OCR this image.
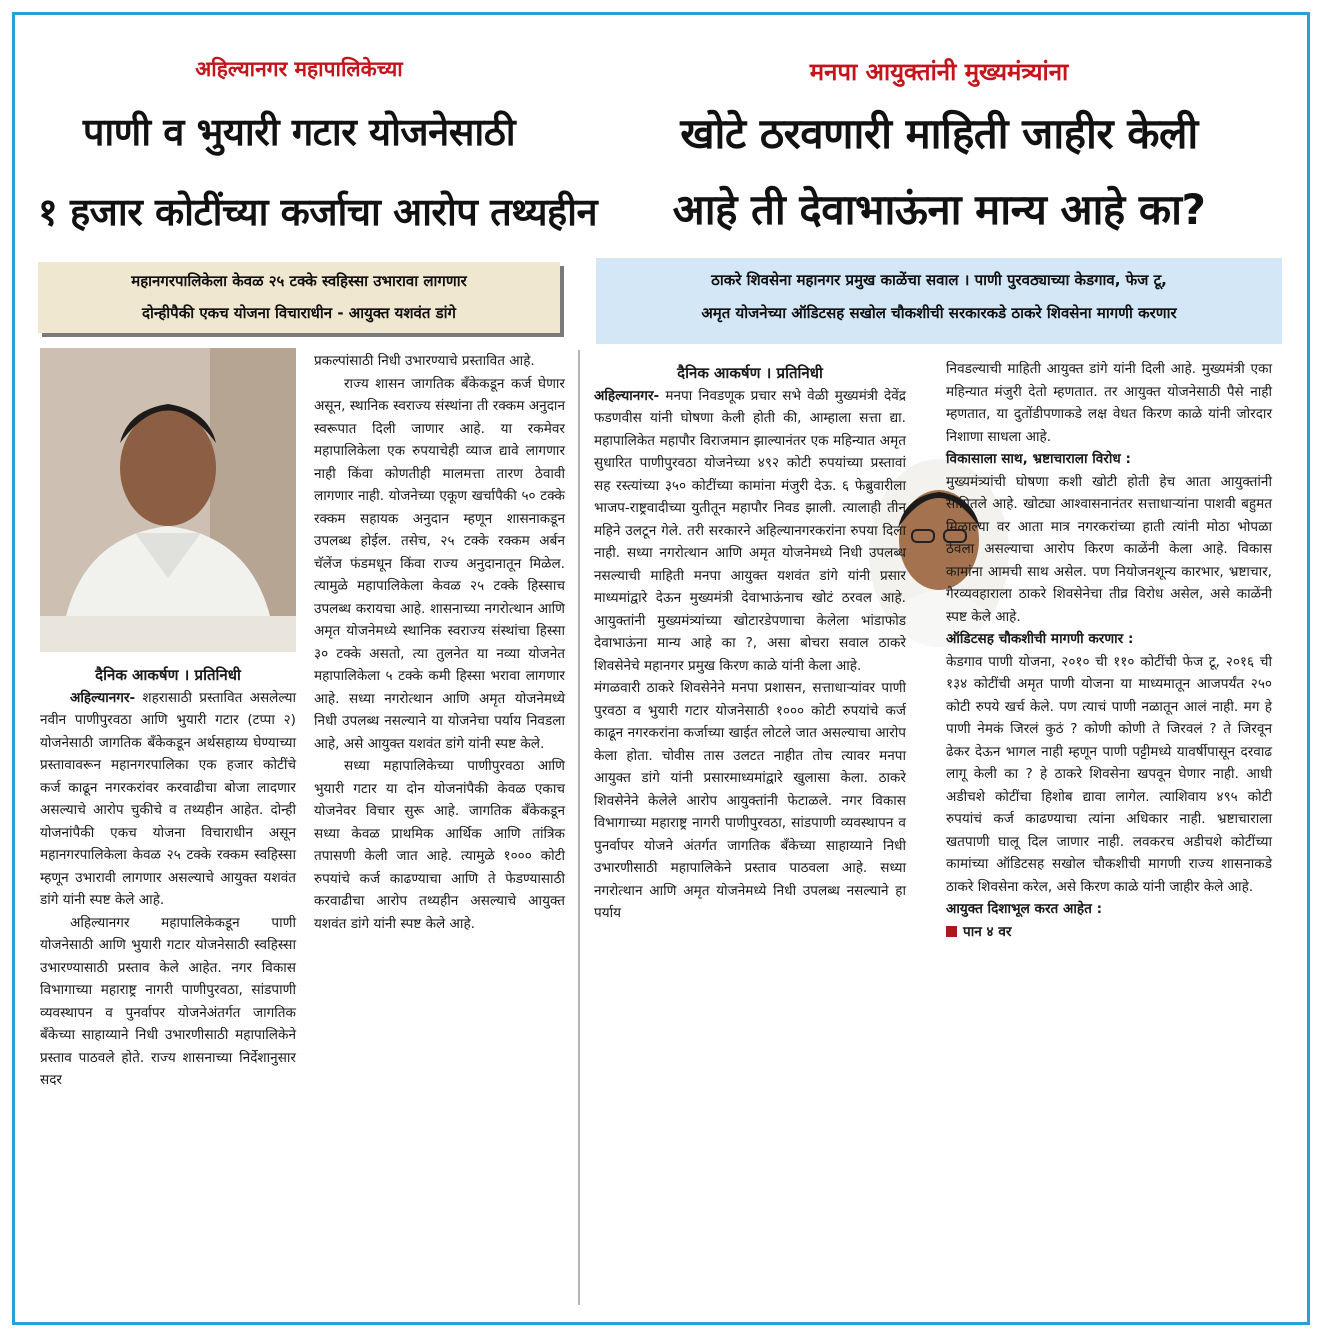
अहिल्यानगर महापालिकेच्या
पाणी व भुयारी गटार योजनेसाठी
१ हजार कोटींच्या कर्जाचा आरोप तथ्यहीन
महानगरपालिकेला केवळ २५ टक्के स्वहिस्सा उभारावा लागणार
दोन्हीपैकी एकच योजना विचाराधीन - आयुक्त यशवंत डांगे

दैनिक आकर्षण । प्रतिनिधी

अहिल्यानगर- शहरासाठी प्रस्तावित असलेल्या नवीन पाणीपुरवठा आणि भुयारी गटार (टप्पा २) योजनेसाठी जागतिक बँकेकडून अर्थसहाय्य घेण्याच्या प्रस्तावावरून महानगरपालिका एक हजार कोटींचे कर्ज काढून नगरकरांवर करवाढीचा बोजा लादणार असल्याचे आरोप चुकीचे व तथ्यहीन आहेत. दोन्ही योजनांपैकी एकच योजना विचाराधीन असून महानगरपालिकेला केवळ २५ टक्के रक्कम स्वहिस्सा म्हणून उभारावी लागणार असल्याचे आयुक्त यशवंत डांगे यांनी स्पष्ट केले आहे.

अहिल्यानगर महापालिकेकडून पाणी योजनेसाठी आणि भुयारी गटार योजनेसाठी स्वहिस्सा उभारण्यासाठी प्रस्ताव केले आहेत. नगर विकास विभागाच्या महाराष्ट्र नागरी पाणीपुरवठा, सांडपाणी व्यवस्थापन व पुनर्वापर योजनेअंतर्गत जागतिक बँकेच्या साहाय्याने निधी उभारणीसाठी महापालिकेने प्रस्ताव पाठवले होते. राज्य शासनाच्या निर्देशानुसार सदर

प्रकल्पांसाठी निधी उभारण्याचे प्रस्तावित आहे.

राज्य शासन जागतिक बँकेकडून कर्ज घेणार असून, स्थानिक स्वराज्य संस्थांना ती रक्कम अनुदान स्वरूपात दिली जाणार आहे. या रकमेवर महापालिकेला एक रुपयाचेही व्याज द्यावे लागणार नाही किंवा कोणतीही मालमत्ता तारण ठेवावी लागणार नाही. योजनेच्या एकूण खर्चापैकी ५० टक्के रक्कम सहायक अनुदान म्हणून शासनाकडून उपलब्ध होईल. तसेच, २५ टक्के रक्कम अर्बन चॅलेंज फंडमधून किंवा राज्य अनुदानातून मिळेल. त्यामुळे महापालिकेला केवळ २५ टक्के हिस्साच उपलब्ध करायचा आहे. शासनाच्या नगरोत्थान आणि अमृत योजनेमध्ये स्थानिक स्वराज्य संस्थांचा हिस्सा ३० टक्के असतो, त्या तुलनेत या नव्या योजनेत महापालिकेला ५ टक्के कमी हिस्सा भरावा लागणार आहे. सध्या नगरोत्थान आणि अमृत योजनेमध्ये निधी उपलब्ध नसल्याने या योजनेचा पर्याय निवडला आहे, असे आयुक्त यशवंत डांगे यांनी स्पष्ट केले.

सध्या महापालिकेच्या पाणीपुरवठा आणि भुयारी गटार या दोन योजनांपैकी केवळ एकाच योजनेवर विचार सुरू आहे. जागतिक बँकेकडून सध्या केवळ प्राथमिक आर्थिक आणि तांत्रिक तपासणी केली जात आहे. त्यामुळे १००० कोटी रुपयांचे कर्ज काढण्याचा आणि ते फेडण्यासाठी करवाढीचा आरोप तथ्यहीन असल्याचे आयुक्त यशवंत डांगे यांनी स्पष्ट केले आहे.

मनपा आयुक्तांनी मुख्यमंत्र्यांना
खोटे ठरवणारी माहिती जाहीर केली
आहे ती देवाभाऊंना मान्य आहे का?
ठाकरे शिवसेना महानगर प्रमुख काळेंचा सवाल । पाणी पुरवठ्याच्या केडगाव, फेज टू,
अमृत योजनेच्या ऑडिटसह सखोल चौकशीची सरकारकडे ठाकरे शिवसेना मागणी करणार

दैनिक आकर्षण । प्रतिनिधी

अहिल्यानगर- मनपा निवडणूक प्रचार सभे वेळी मुख्यमंत्री देवेंद्र फडणवीस यांनी घोषणा केली होती की, आम्हाला सत्ता द्या. महापालिकेत महापौर विराजमान झाल्यानंतर एक महिन्यात अमृत सुधारित पाणीपुरवठा योजनेच्या ४९२ कोटी रुपयांच्या प्रस्तावां सह रस्त्यांच्या ३५० कोटींच्या कामांना मंजुरी देऊ. ६ फेब्रुवारीला भाजप-राष्ट्रवादीच्या युतीतून महापौर निवड झाली. त्यालाही तीन महिने उलटून गेले. तरी सरकारने अहिल्यानगरकरांना रुपया दिला नाही. सध्या नगरोत्थान आणि अमृत योजनेमध्ये निधी उपलब्ध नसल्याची माहिती मनपा आयुक्त यशवंत डांगे यांनी प्रसार माध्यमांद्वारे देऊन मुख्यमंत्री देवाभाऊंनाच खोटं ठरवल आहे. आयुक्तांनी मुख्यमंत्र्यांच्या खोटारडेपणाचा केलेला भांडाफोड देवाभाऊंना मान्य आहे का ?, असा बोचरा सवाल ठाकरे शिवसेनेचे महानगर प्रमुख किरण काळे यांनी केला आहे.

मंगळवारी ठाकरे शिवसेनेने मनपा प्रशासन, सत्ताधाऱ्यांवर पाणी पुरवठा व भुयारी गटार योजनेसाठी १००० कोटी रुपयांचे कर्ज काढून नगरकरांना कर्जाच्या खाईत लोटले जात असल्याचा आरोप केला होता. चोवीस तास उलटत नाहीत तोच त्यावर मनपा आयुक्त डांगे यांनी प्रसारमाध्यमांद्वारे खुलासा केला. ठाकरे शिवसेनेने केलेले आरोप आयुक्तांनी फेटाळले. नगर विकास विभागाच्या महाराष्ट्र नागरी पाणीपुरवठा, सांडपाणी व्यवस्थापन व पुनर्वापर योजने अंतर्गत जागतिक बँकेच्या साहाय्याने निधी उभारणीसाठी महापालिकेने प्रस्ताव पाठवला आहे. सध्या नगरोत्थान आणि अमृत योजनेमध्ये निधी उपलब्ध नसल्याने हा पर्याय

निवडल्याची माहिती आयुक्त डांगे यांनी दिली आहे. मुख्यमंत्री एका महिन्यात मंजुरी देतो म्हणतात. तर आयुक्त योजनेसाठी पैसे नाही म्हणतात, या दुतोंडीपणाकडे लक्ष वेधत किरण काळे यांनी जोरदार निशाणा साधला आहे.

विकासाला साथ, भ्रष्टाचाराला विरोध :

मुख्यमंत्र्यांची घोषणा कशी खोटी होती हेच आता आयुक्तांनी सांगितले आहे. खोट्या आश्वासनानंतर सत्ताधाऱ्यांना पाशवी बहुमत मिळाल्या वर आता मात्र नगरकरांच्या हाती त्यांनी मोठा भोपळा ठेवला असल्याचा आरोप किरण काळेंनी केला आहे. विकास कामांना आमची साथ असेल. पण नियोजनशून्य कारभार, भ्रष्टाचार, गैरव्यवहाराला ठाकरे शिवसेनेचा तीव्र विरोध असेल, असे काळेंनी स्पष्ट केले आहे.

ऑडिटसह चौकशीची मागणी करणार :

केडगाव पाणी योजना, २०१० ची ११० कोटींची फेज टू, २०१६ ची १३४ कोटींची अमृत पाणी योजना या माध्यमातून आजपर्यंत २५० कोटी रुपये खर्च केले. पण त्याचं पाणी नळातून आलं नाही. मग हे पाणी नेमकं जिरलं कुठं ? कोणी कोणी ते जिरवलं ? ते जिरवून ढेकर देऊन भागल नाही म्हणून पाणी पट्टीमध्ये यावर्षीपासून दरवाढ लागू केली का ? हे ठाकरे शिवसेना खपवून घेणार नाही. आधी अडीचशे कोटींचा हिशोब द्यावा लागेल. त्याशिवाय ४९५ कोटी रुपयांचं कर्ज काढण्याचा त्यांना अधिकार नाही. भ्रष्टाचाराला खतपाणी घालू दिल जाणार नाही. लवकरच अडीचशे कोटींच्या कामांच्या ऑडिटसह सखोल चौकशीची मागणी राज्य शासनाकडे ठाकरे शिवसेना करेल, असे किरण काळे यांनी जाहीर केले आहे.

आयुक्त दिशाभूल करत आहेत :

पान ४ वर
